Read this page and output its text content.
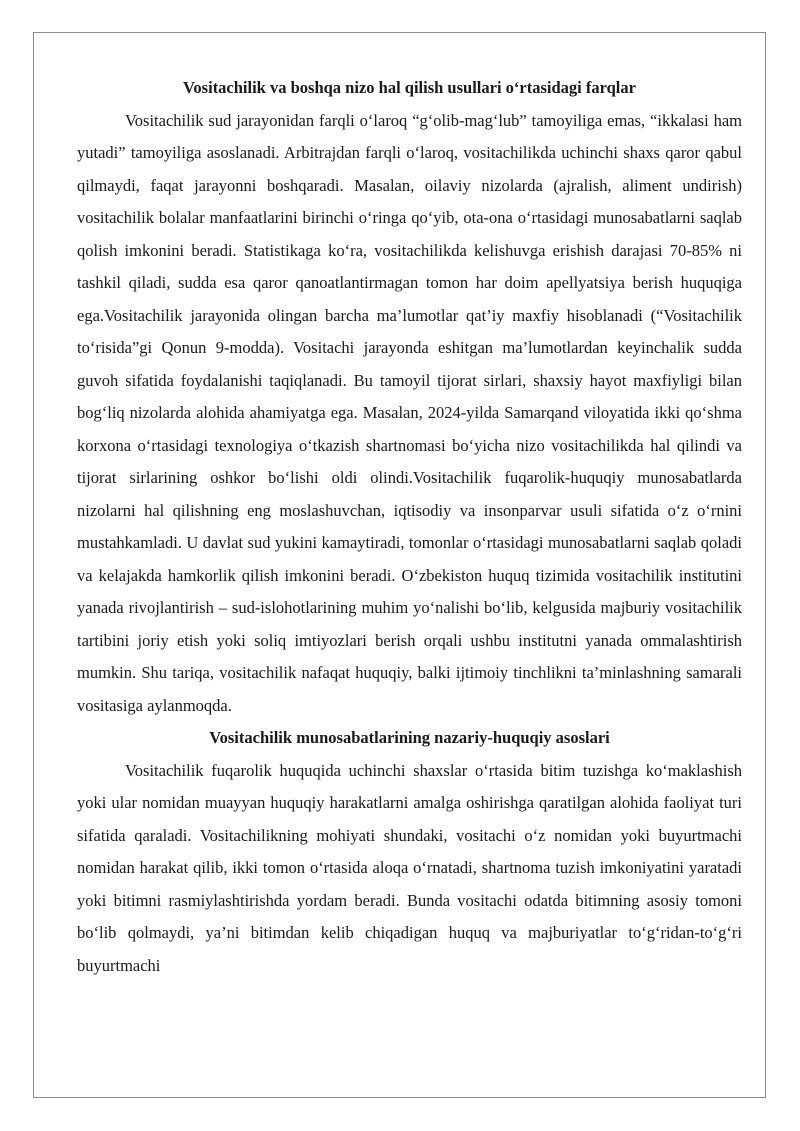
Vositachilik va boshqa nizo hal qilish usullari o‘rtasidagi farqlar

Vositachilik sud jarayonidan farqli o‘laroq “g‘olib-mag‘lub” tamoyiliga emas, “ikkalasi ham yutadi” tamoyiliga asoslanadi. Arbitrajdan farqli o‘laroq, vositachilikda uchinchi shaxs qaror qabul qilmaydi, faqat jarayonni boshqaradi. Masalan, oilaviy nizolarda (ajralish, aliment undirish) vositachilik bolalar manfaatlarini birinchi o‘ringa qo‘yib, ota-ona o‘rtasidagi munosabatlarni saqlab qolish imkonini beradi. Statistikaga ko‘ra, vositachilikda kelishuvga erishish darajasi 70-85% ni tashkil qiladi, sudda esa qaror qanoatlantirmagan tomon har doim apellyatsiya berish huquqiga ega.Vositachilik jarayonida olingan barcha ma’lumotlar qat’iy maxfiy hisoblanadi (“Vositachilik to‘risida”gi Qonun 9-modda). Vositachi jarayonda eshitgan ma’lumotlardan keyinchalik sudda guvoh sifatida foydalanishi taqiqlanadi. Bu tamoyil tijorat sirlari, shaxsiy hayot maxfiyligi bilan bog‘liq nizolarda alohida ahamiyatga ega. Masalan, 2024-yilda Samarqand viloyatida ikki qo‘shma korxona o‘rtasidagi texnologiya o‘tkazish shartnomasi bo‘yicha nizo vositachilikda hal qilindi va tijorat sirlarining oshkor bo‘lishi oldi olindi.Vositachilik fuqarolik-huquqiy munosabatlarda nizolarni hal qilishning eng moslashuvchan, iqtisodiy va insonparvar usuli sifatida o‘z o‘rnini mustahkamladi. U davlat sud yukini kamaytiradi, tomonlar o‘rtasidagi munosabatlarni saqlab qoladi va kelajakda hamkorlik qilish imkonini beradi. O‘zbekiston huquq tizimida vositachilik institutini yanada rivojlantirish – sud-islohotlarining muhim yo‘nalishi bo‘lib, kelgusida majburiy vositachilik tartibini joriy etish yoki soliq imtiyozlari berish orqali ushbu institutni yanada ommalashtirish mumkin. Shu tariqa, vositachilik nafaqat huquqiy, balki ijtimoiy tinchlikni ta’minlashning samarali vositasiga aylanmoqda.

Vositachilik munosabatlarining nazariy-huquqiy asoslari

Vositachilik fuqarolik huquqida uchinchi shaxslar o‘rtasida bitim tuzishga ko‘maklashish yoki ular nomidan muayyan huquqiy harakatlarni amalga oshirishga qaratilgan alohida faoliyat turi sifatida qaraladi. Vositachilikning mohiyati shundaki, vositachi o‘z nomidan yoki buyurtmachi nomidan harakat qilib, ikki tomon o‘rtasida aloqa o‘rnatadi, shartnoma tuzish imkoniyatini yaratadi yoki bitimni rasmiylashtirishda yordam beradi. Bunda vositachi odatda bitimning asosiy tomoni bo‘lib qolmaydi, ya’ni bitimdan kelib chiqadigan huquq va majburiyatlar to‘g‘ridan-to‘g‘ri buyurtmachi
